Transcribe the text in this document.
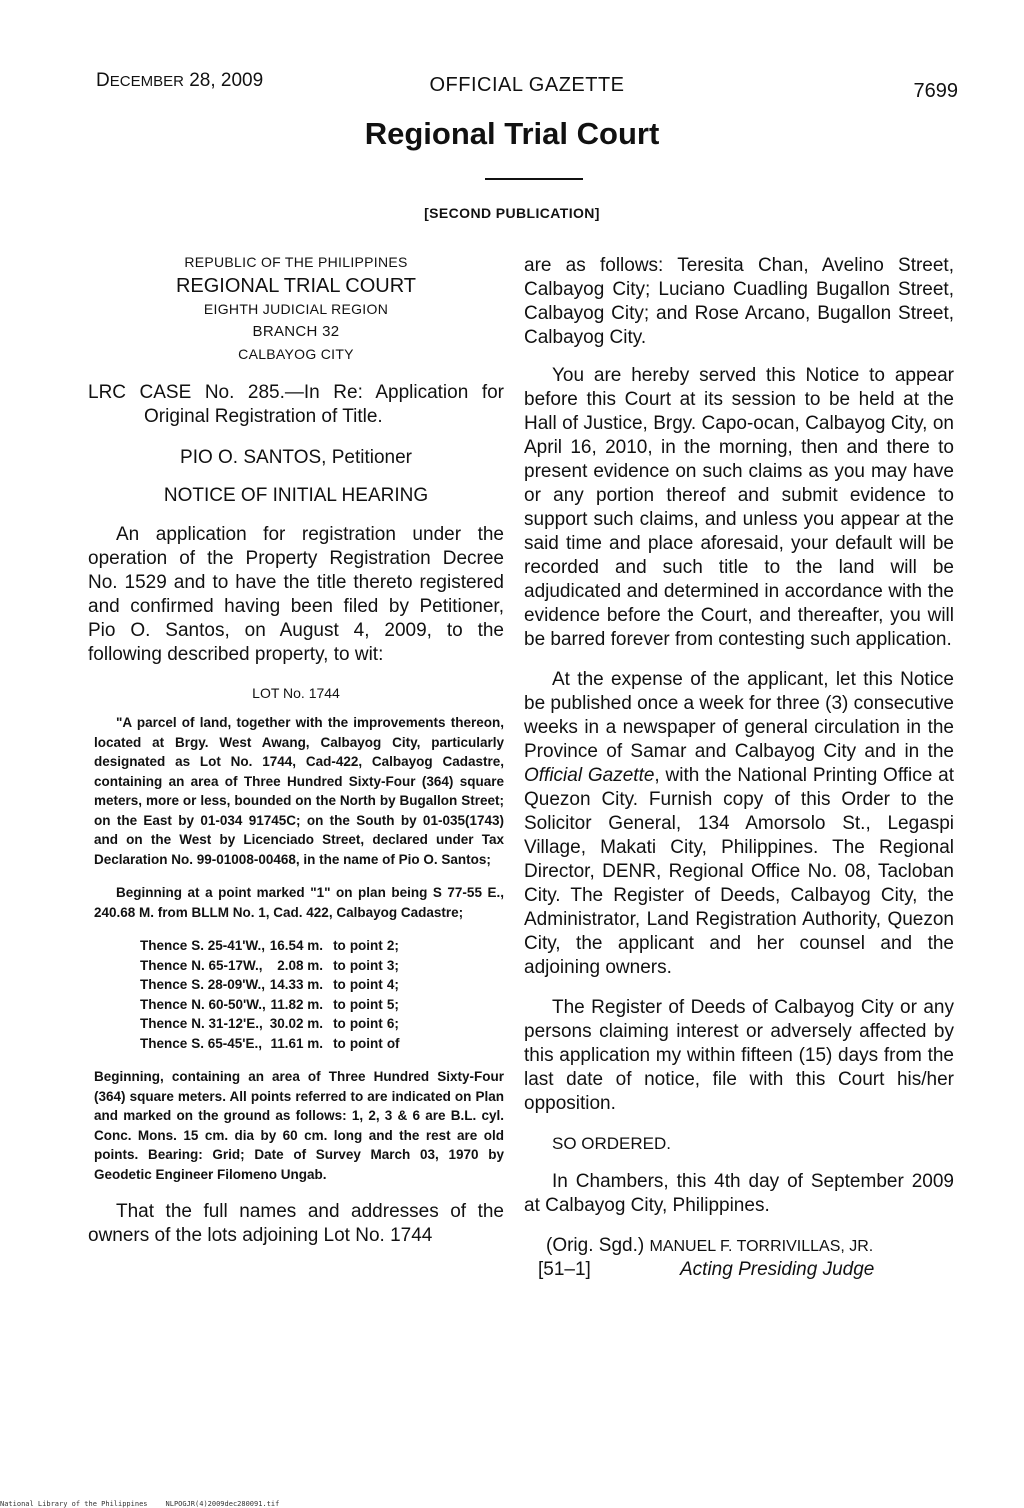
DECEMBER 28, 2009	OFFICIAL GAZETTE	7699
Regional Trial Court
[SECOND PUBLICATION]

REPUBLIC OF THE PHILIPPINES

REGIONAL TRIAL COURT

EIGHTH JUDICIAL REGION

BRANCH 32

CALBAYOG CITY

LRC CASE No. 285.—In Re: Application for Original Registration of Title.

PIO O. SANTOS, Petitioner

NOTICE OF INITIAL HEARING

An application for registration under the operation of the Property Registration Decree No. 1529 and to have the title thereto registered and confirmed having been filed by Petitioner, Pio O. Santos, on August 4, 2009, to the following described property, to wit:

LOT No. 1744

"A parcel of land, together with the improvements thereon, located at Brgy. West Awang, Calbayog City, particularly designated as Lot No. 1744, Cad-422, Calbayog Cadastre, containing an area of Three Hundred Sixty-Four (364) square meters, more or less, bounded on the North by Bugallon Street; on the East by 01-034 91745C; on the South by 01-035(1743) and on the West by Licenciado Street, declared under Tax Declaration No. 99-01008-00468, in the name of Pio O. Santos;

Beginning at a point marked "1" on plan being S 77-55 E., 240.68 M. from BLLM No. 1, Cad. 422, Calbayog Cadastre;

Thence	S. 25-41'W.,	16.54 m.	to	point	2;
Thence	N. 65-17W.,	2.08 m.	to	point	3;
Thence	S. 28-09'W.,	14.33 m.	to	point	4;
Thence	N. 60-50'W.,	11.82 m.	to	point	5;
Thence	N. 31-12'E.,	30.02 m.	to	point	6;
Thence	S. 65-45'E.,	11.61 m.	to	point	of

Beginning, containing an area of Three Hundred Sixty-Four (364) square meters. All points referred to are indicated on Plan and marked on the ground as follows: 1, 2, 3 & 6 are B.L. cyl. Conc. Mons. 15 cm. dia by 60 cm. long and the rest are old points. Bearing: Grid; Date of Survey March 03, 1970 by Geodetic Engineer Filomeno Ungab.

That the full names and addresses of the owners of the lots adjoining Lot No. 1744

are as follows: Teresita Chan, Avelino Street, Calbayog City; Luciano Cuadling Bugallon Street, Calbayog City; and Rose Arcano, Bugallon Street, Calbayog City.

You are hereby served this Notice to appear before this Court at its session to be held at the Hall of Justice, Brgy. Capo-ocan, Calbayog City, on April 16, 2010, in the morning, then and there to present evidence on such claims as you may have or any portion thereof and submit evidence to support such claims, and unless you appear at the said time and place aforesaid, your default will be recorded and such title to the land will be adjudicated and determined in accordance with the evidence before the Court, and thereafter, you will be barred forever from contesting such application.

At the expense of the applicant, let this Notice be published once a week for three (3) consecutive weeks in a newspaper of general circulation in the Province of Samar and Calbayog City and in the Official Gazette, with the National Printing Office at Quezon City. Furnish copy of this Order to the Solicitor General, 134 Amorsolo St., Legaspi Village, Makati City, Philippines. The Regional Director, DENR, Regional Office No. 08, Tacloban City. The Register of Deeds, Calbayog City, the Administrator, Land Registration Authority, Quezon City, the applicant and her counsel and the adjoining owners.

The Register of Deeds of Calbayog City or any persons claiming interest or adversely affected by this application my within fifteen (15) days from the last date of notice, file with this Court his/her opposition.

SO ORDERED.

In Chambers, this 4th day of September 2009 at Calbayog City, Philippines.

(Orig. Sgd.) MANUEL F. TORRIVILLAS, JR.
[51–1]	Acting Presiding Judge
National Library of the Philippines	NLPOGJR(4)2009dec280091.tif
